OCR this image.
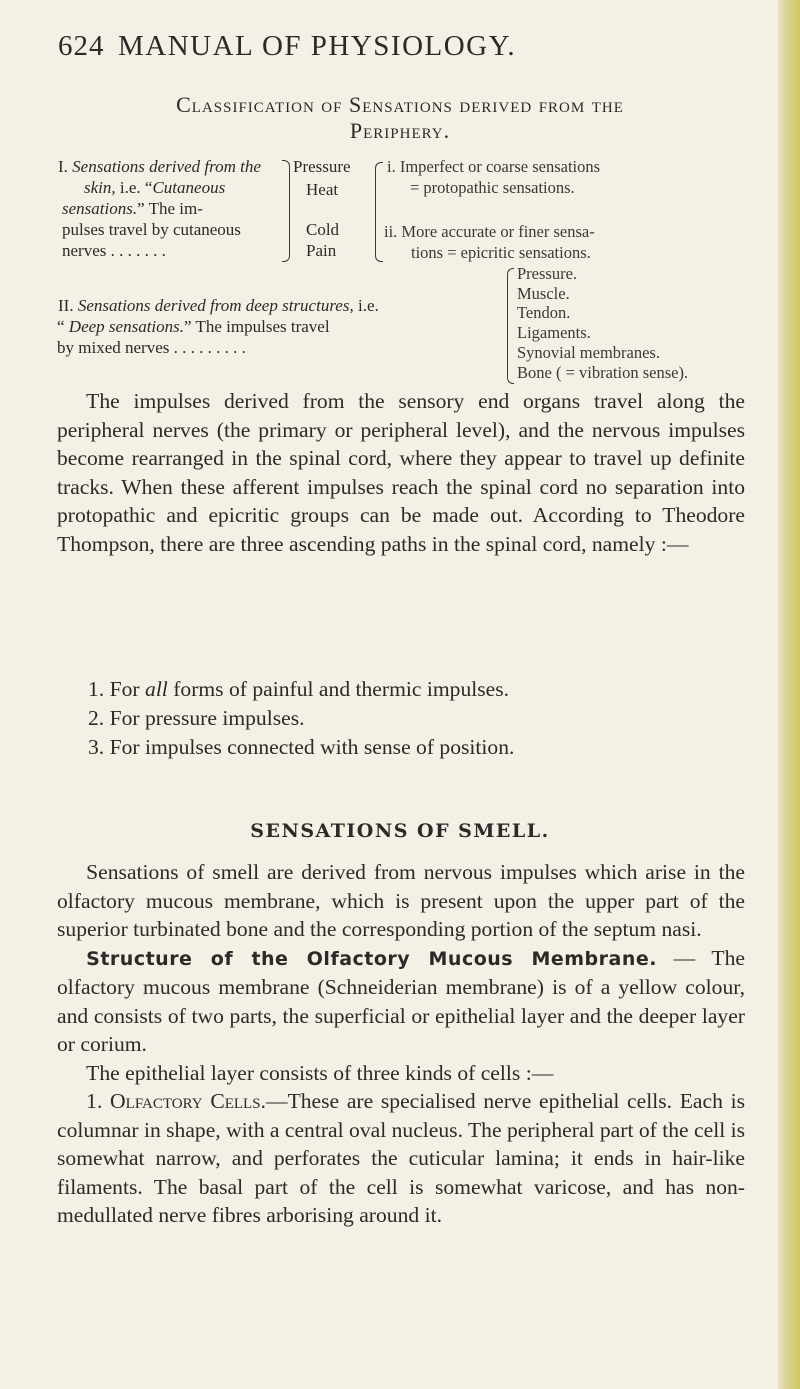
624 MANUAL OF PHYSIOLOGY.
Classification of Sensations derived from the
Periphery.
I. Sensations derived from the
skin, i.e. “Cutaneous
sensations.” The im-
pulses travel by cutaneous
nerves . . . . . . .
Pressure
Heat
Cold
Pain
i. Imperfect or coarse sensations
= protopathic sensations.
ii. More accurate or finer sensa-
tions = epicritic sensations.
II. Sensations derived from deep structures, i.e.
“ Deep sensations.” The impulses travel
by mixed nerves . . . . . . . . .
Pressure.
Muscle.
Tendon.
Ligaments.
Synovial membranes.
Bone ( = vibration sense).

The impulses derived from the sensory end organs travel along the peripheral nerves (the primary or peripheral level), and the nervous impulses become rearranged in the spinal cord, where they appear to travel up definite tracks. When these afferent impulses reach the spinal cord no separation into protopathic and epicritic groups can be made out. According to Theodore Thompson, there are three ascending paths in the spinal cord, namely :—

1. For all forms of painful and thermic impulses.
2. For pressure impulses.
3. For impulses connected with sense of position.
SENSATIONS OF SMELL.

Sensations of smell are derived from nervous impulses which arise in the olfactory mucous membrane, which is present upon the upper part of the superior turbinated bone and the corresponding portion of the septum nasi.

Structure of the Olfactory Mucous Membrane. — The olfactory mucous membrane (Schneiderian membrane) is of a yellow colour, and consists of two parts, the superficial or epithelial layer and the deeper layer or corium.

The epithelial layer consists of three kinds of cells :—

1. Olfactory Cells.—These are specialised nerve epithelial cells. Each is columnar in shape, with a central oval nucleus. The peripheral part of the cell is somewhat narrow, and perforates the cuticular lamina; it ends in hair-like filaments. The basal part of the cell is somewhat varicose, and has non-medullated nerve fibres arborising around it.
